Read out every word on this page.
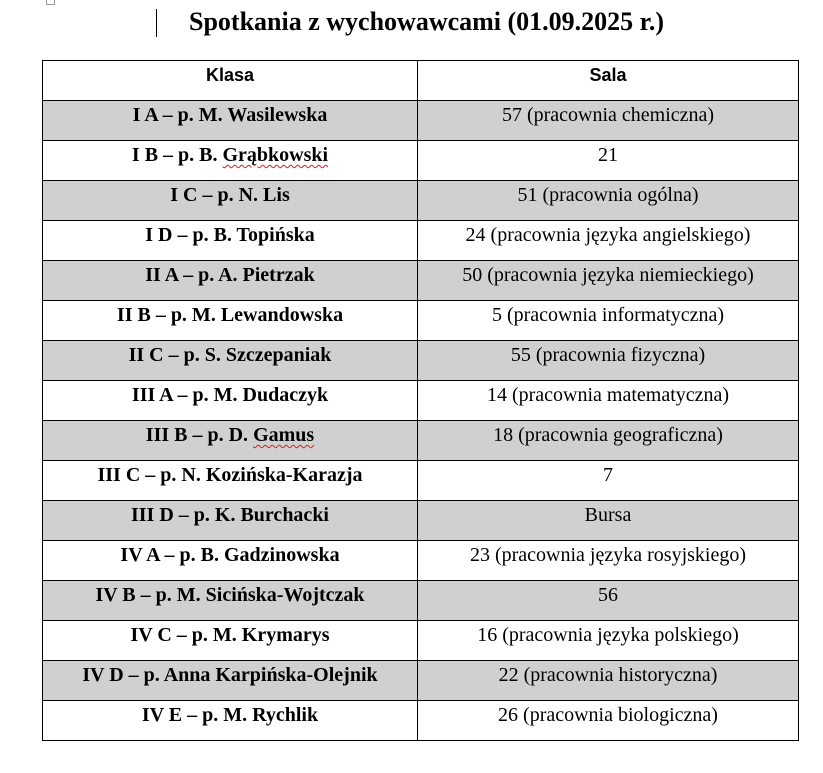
Spotkania z wychowawcami (01.09.2025 r.)
Klasa	Sala
I A – p. M. Wasilewska	57 (pracownia chemiczna)
I B – p. B. Grąbkowski	21
I C – p. N. Lis	51 (pracownia ogólna)
I D – p. B. Topińska	24 (pracownia języka angielskiego)
II A – p. A. Pietrzak	50 (pracownia języka niemieckiego)
II B – p. M. Lewandowska	5 (pracownia informatyczna)
II C – p. S. Szczepaniak	55 (pracownia fizyczna)
III A – p. M. Dudaczyk	14 (pracownia matematyczna)
III B – p. D. Gamus	18 (pracownia geograficzna)
III C – p. N. Kozińska-Karazja	7
III D – p. K. Burchacki	Bursa
IV A – p. B. Gadzinowska	23 (pracownia języka rosyjskiego)
IV B – p. M. Sicińska-Wojtczak	56
IV C – p. M. Krymarys	16 (pracownia języka polskiego)
IV D – p. Anna Karpińska-Olejnik	22 (pracownia historyczna)
IV E – p. M. Rychlik	26 (pracownia biologiczna)
